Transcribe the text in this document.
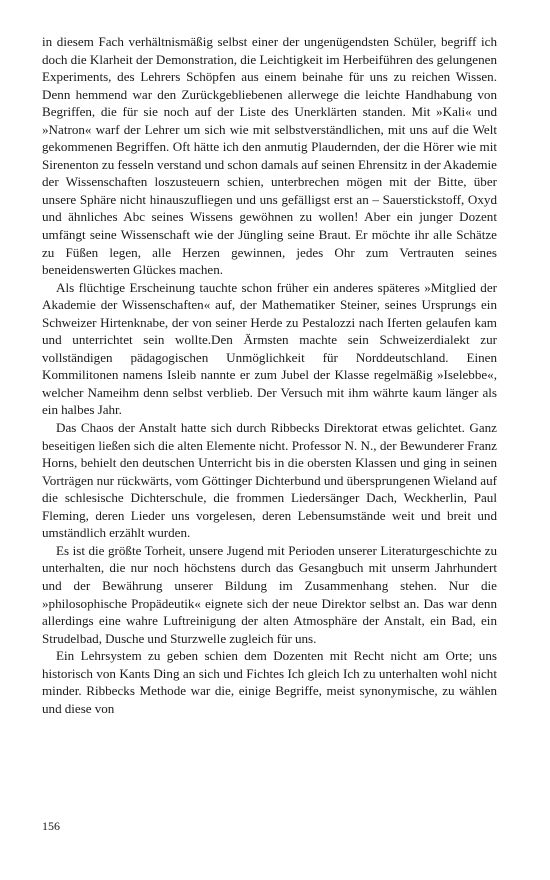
in diesem Fach verhältnismäßig selbst einer der ungenügendsten Schüler, begriff ich doch die Klarheit der Demonstration, die Leichtigkeit im Herbeiführen des gelungenen Experiments, des Lehrers Schöpfen aus einem beinahe für uns zu reichen Wissen. Denn hemmend war den Zurückgebliebenen allerwege die leichte Handhabung von Begriffen, die für sie noch auf der Liste des Unerklärten standen. Mit »Kali« und »Natron« warf der Lehrer um sich wie mit selbstverständlichen, mit uns auf die Welt gekommenen Begriffen. Oft hätte ich den anmutig Plaudernden, der die Hörer wie mit Sirenenton zu fesseln verstand und schon damals auf seinen Ehrensitz in der Akademie der Wissenschaften loszusteuern schien, unterbrechen mögen mit der Bitte, über unsere Sphäre nicht hinauszufliegen und uns gefälligst erst an – Sauerstickstoff, Oxyd und ähnliches Abc seines Wissens gewöhnen zu wollen! Aber ein junger Dozent umfängt seine Wissenschaft wie der Jüngling seine Braut. Er möchte ihr alle Schätze zu Füßen legen, alle Herzen gewinnen, jedes Ohr zum Vertrauten seines beneidenswerten Glückes machen.

Als flüchtige Erscheinung tauchte schon früher ein anderes späteres »Mitglied der Akademie der Wissenschaften« auf, der Mathematiker Steiner, seines Ursprungs ein Schweizer Hirtenknabe, der von seiner Herde zu Pestalozzi nach Iferten gelaufen kam und unterrichtet sein wollte.Den Ärmsten machte sein Schweizerdialekt zur vollständigen pädagogischen Unmöglichkeit für Norddeutschland. Einen Kommilitonen namens Isleib nannte er zum Jubel der Klasse regelmäßig »Iselebbe«, welcher Nameihm denn selbst verblieb. Der Versuch mit ihm währte kaum länger als ein halbes Jahr.

Das Chaos der Anstalt hatte sich durch Ribbecks Direktorat etwas gelichtet. Ganz beseitigen ließen sich die alten Elemente nicht. Professor N. N., der Bewunderer Franz Horns, behielt den deutschen Unterricht bis in die obersten Klassen und ging in seinen Vorträgen nur rückwärts, vom Göttinger Dichterbund und übersprungenen Wieland auf die schlesische Dichterschule, die frommen Liedersänger Dach, Weckherlin, Paul Fleming, deren Lieder uns vorgelesen, deren Lebensumstände weit und breit und umständlich erzählt wurden.

Es ist die größte Torheit, unsere Jugend mit Perioden unserer Literaturgeschichte zu unterhalten, die nur noch höchstens durch das Gesangbuch mit unserm Jahrhundert und der Bewährung unserer Bildung im Zusammenhang stehen. Nur die »philosophische Propädeutik« eignete sich der neue Direktor selbst an. Das war denn allerdings eine wahre Luftreinigung der alten Atmosphäre der Anstalt, ein Bad, ein Strudelbad, Dusche und Sturzwelle zugleich für uns.

Ein Lehrsystem zu geben schien dem Dozenten mit Recht nicht am Orte; uns historisch von Kants Ding an sich und Fichtes Ich gleich Ich zu unterhalten wohl nicht minder. Ribbecks Methode war die, einige Begriffe, meist synonymische, zu wählen und diese von

156
